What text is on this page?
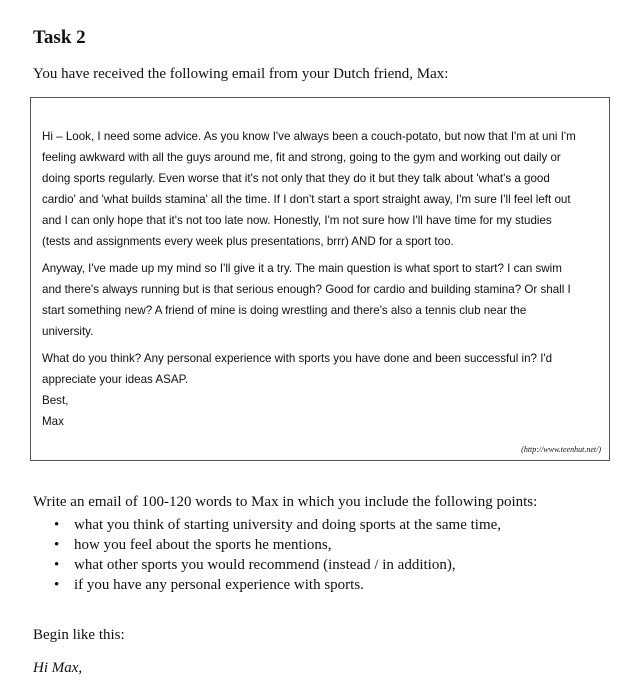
Task 2

You have received the following email from your Dutch friend, Max:

Hi – Look, I need some advice. As you know I've always been a couch-potato, but now that I'm at uni I'm
feeling awkward with all the guys around me, fit and strong, going to the gym and working out daily or
doing sports regularly. Even worse that it's not only that they do it but they talk about 'what's a good
cardio' and 'what builds stamina' all the time. If I don't start a sport straight away, I'm sure I'll feel left out
and I can only hope that it's not too late now. Honestly, I'm not sure how I'll have time for my studies
(tests and assignments every week plus presentations, brrr) AND for a sport too.

Anyway, I've made up my mind so I'll give it a try. The main question is what sport to start? I can swim
and there's always running but is that serious enough? Good for cardio and building stamina? Or shall I
start something new? A friend of mine is doing wrestling and there's also a tennis club near the
university.

What do you think? Any personal experience with sports you have done and been successful in? I'd
appreciate your ideas ASAP.
Best,
Max

(http://www.teenhut.net/)

Write an email of 100-120 words to Max in which you include the following points:

• what you think of starting university and doing sports at the same time,
• how you feel about the sports he mentions,
• what other sports you would recommend (instead / in addition),
• if you have any personal experience with sports.

Begin like this:

Hi Max,
